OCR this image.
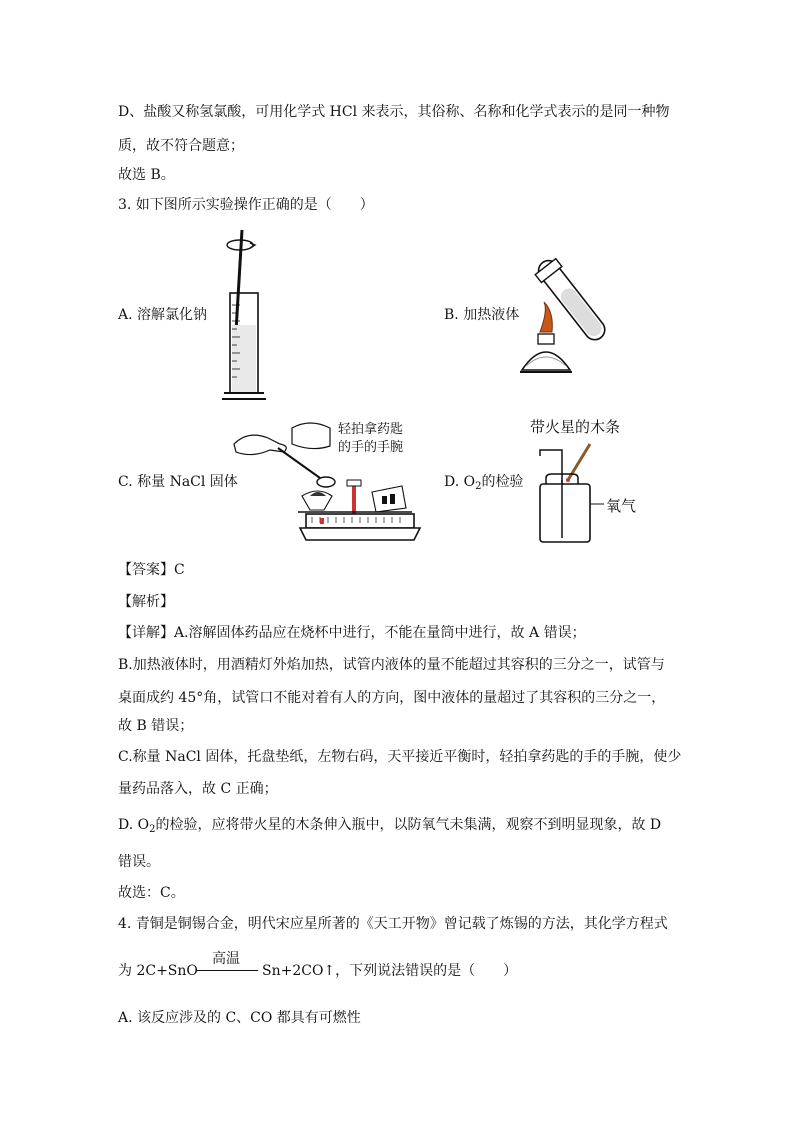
D、盐酸又称氢氯酸，可用化学式 HCl 来表示，其俗称、名称和化学式表示的是同一种物
质，故不符合题意；
故选 B。
3. 如下图所示实验操作正确的是（　　）
A. 溶解氯化钠	B. 加热液体
C. 称量 NaCl 固体
轻拍拿药匙
的手的手腕
D. $O_2$的检验
带火星的木条
氧气
【答案】C
【解析】
【详解】A.溶解固体药品应在烧杯中进行，不能在量筒中进行，故 A 错误；
B.加热液体时，用酒精灯外焰加热，试管内液体的量不能超过其容积的三分之一，试管与
桌面成约 45°角，试管口不能对着有人的方向，图中液体的量超过了其容积的三分之一，
故 B 错误；
C.称量 NaCl 固体，托盘垫纸，左物右码，天平接近平衡时，轻拍拿药匙的手的手腕，使少
量药品落入，故 C 正确；
D. $O_2$的检验，应将带火星的木条伸入瓶中，以防氧气未集满，观察不到明显现象，故 D
错误。
故选：C。
4. 青铜是铜锡合金，明代宋应星所著的《天工开物》曾记载了炼锡的方法，其化学方程式
为 2C+SnO
高温
Sn+2CO↑，下列说法错误的是（　　）
A. 该反应涉及的 C、CO 都具有可燃性
